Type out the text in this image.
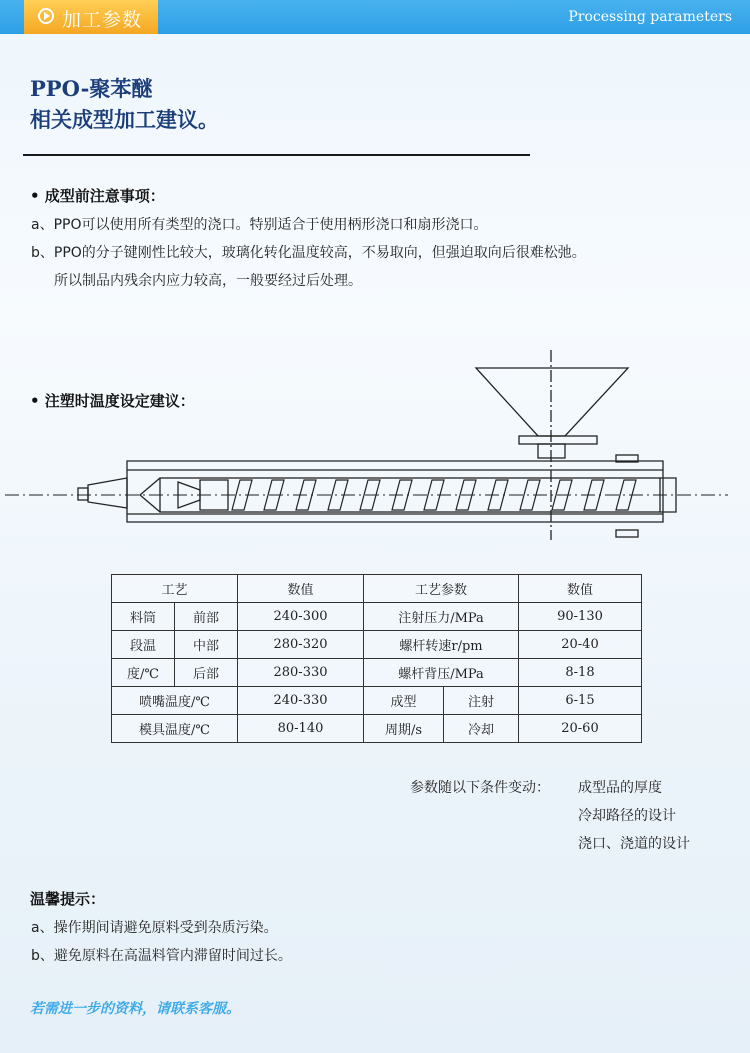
加工参数	Processing parameters
PPO-聚苯醚
相关成型加工建议。
• 成型前注意事项：
a、PPO可以使用所有类型的浇口。特别适合于使用柄形浇口和扇形浇口。
b、PPO的分子键刚性比较大，玻璃化转化温度较高，不易取向，但强迫取向后很难松弛。
所以制品内残余内应力较高，一般要经过后处理。
• 注塑时温度设定建议：
工艺		数值	工艺参数		数值
料筒	前部	240-300	注射压力/MPa		90-130
段温	中部	280-320	螺杆转速r/pm		20-40
度/℃	后部	280-330	螺杆背压/MPa		8-18
喷嘴温度/℃		240-330	成型	注射	6-15
模具温度/℃		80-140	周期/s	冷却	20-60
参数随以下条件变动： 成型品的厚度
冷却路径的设计
浇口、浇道的设计
温馨提示：
a、操作期间请避免原料受到杂质污染。
b、避免原料在高温料管内滞留时间过长。
若需进一步的资料，请联系客服。
